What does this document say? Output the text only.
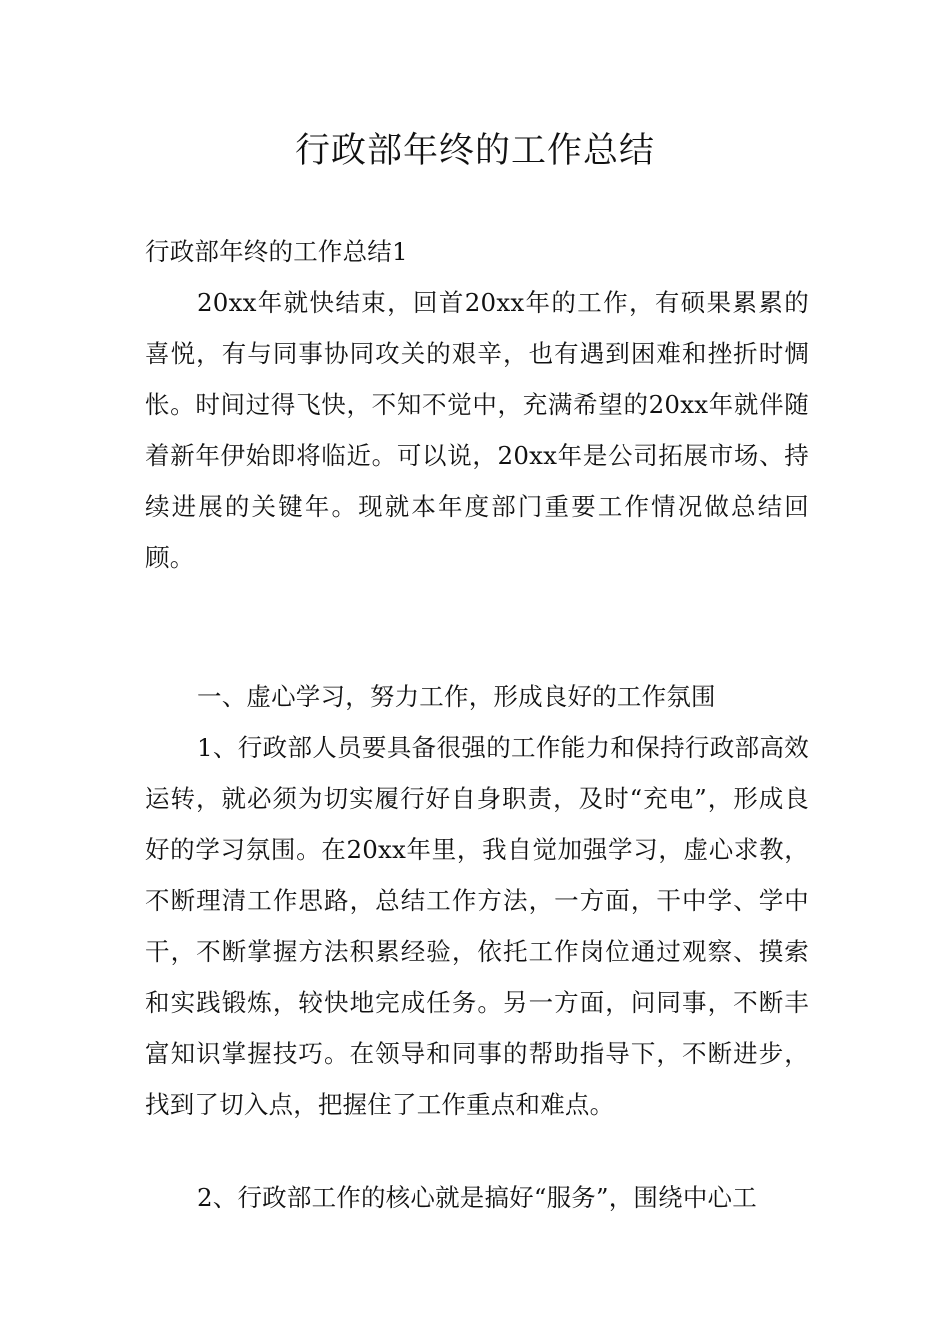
行政部年终的工作总结

行政部年终的工作总结1

20xx年就快结束，回首20xx年的工作，有硕果累累的喜悦，有与同事协同攻关的艰辛，也有遇到困难和挫折时惆怅。时间过得飞快，不知不觉中，充满希望的20xx年就伴随着新年伊始即将临近。可以说，20xx年是公司拓展市场、持续进展的关键年。现就本年度部门重要工作情况做总结回顾。

一、虚心学习，努力工作，形成良好的工作氛围

1、行政部人员要具备很强的工作能力和保持行政部高效运转，就必须为切实履行好自身职责，及时“充电”，形成良好的学习氛围。在20xx年里，我自觉加强学习，虚心求教，不断理清工作思路，总结工作方法，一方面，干中学、学中干，不断掌握方法积累经验，依托工作岗位通过观察、摸索和实践锻炼，较快地完成任务。另一方面，问同事，不断丰富知识掌握技巧。在领导和同事的帮助指导下，不断进步，找到了切入点，把握住了工作重点和难点。

2、行政部工作的核心就是搞好“服务”，围绕中心工
